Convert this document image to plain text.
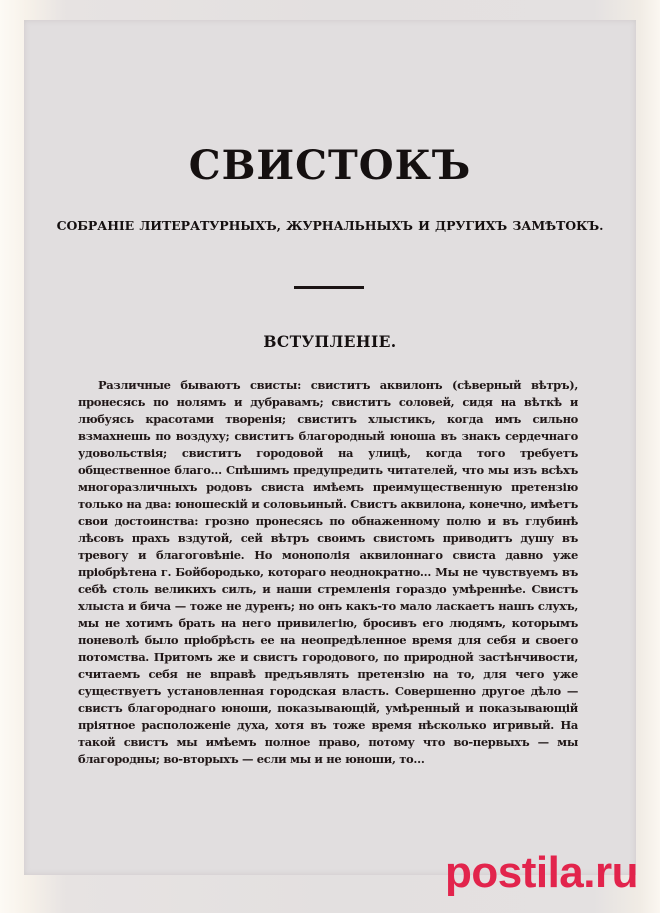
СВИСТОКЪ
СОБРАНIЕ ЛИТЕРАТУРНЫХЪ, ЖУРНАЛЬНЫХЪ И ДРУГИХЪ ЗАМѢТОКЪ.
ВСТУПЛЕНIЕ.

Различные бываютъ свисты: свиститъ аквилонъ (сѣверный вѣтръ), пронесясь по нолямъ и дубравамъ; свиститъ соловей, сидя на вѣткѣ и любуясь красотами творенія; свиститъ хлыстикъ, когда имъ сильно взмахнешь по воздуху; свиститъ благородный юноша въ знакъ сердечнаго удовольствія; свиститъ городовой на улицѣ, когда того требуетъ общественное благо… Спѣшимъ предупредить читателей, что мы изъ всѣхъ многоразличныхъ родовъ свиста имѣемъ преимущественную претензію только на два: юношескій и соловьиный. Свистъ аквилона, конечно, имѣетъ свои достоинства: грозно пронесясь по обнаженному полю и въ глубинѣ лѣсовъ прахъ вздутой, сей вѣтръ своимъ свистомъ приводитъ душу въ тревогу и благоговѣніе. Но монополія аквилоннаго свиста давно уже пріобрѣтена г. Бойбородько, котораго неоднократно… Мы не чувствуемъ въ себѣ столь великихъ силъ, и наши стремленія гораздо умѣреннѣе. Свистъ хлыста и бича — тоже не дуренъ; но онъ какъ-то мало ласкаетъ нашъ слухъ, мы не хотимъ брать на него привилегію, бросивъ его людямъ, которымъ поневолѣ было пріобрѣсть ее на неопредѣленное время для себя и своего потомства. Притомъ же и свистъ городового, по природной застѣнчивости, считаемъ себя не вправѣ предъявлять претензію на то, для чего уже существуетъ установленная городская власть. Совершенно другое дѣло — свистъ благороднаго юноши, показывающій, умѣренный и показывающій пріятное расположеніе духа, хотя въ тоже время нѣсколько игривый. На такой свистъ мы имѣемъ полное право, потому что во-первыхъ — мы благородны; во-вторыхъ — если мы и не юноши, то…

postila.ru
